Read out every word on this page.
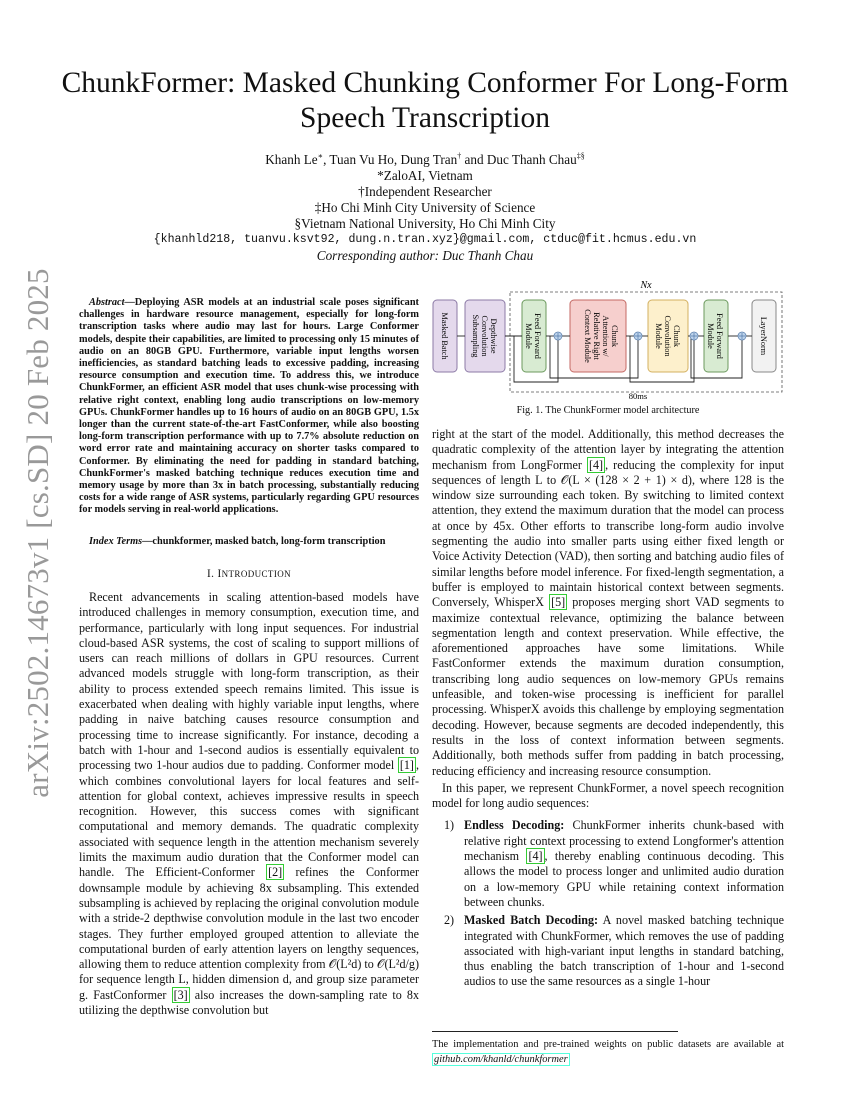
arXiv:2502.14673v1 [cs.SD] 20 Feb 2025
ChunkFormer: Masked Chunking Conformer For Long-Form Speech Transcription
Khanh Le∗, Tuan Vu Ho, Dung Tran† and Duc Thanh Chau‡§
*ZaloAI, Vietnam
†Independent Researcher
‡Ho Chi Minh City University of Science
§Vietnam National University, Ho Chi Minh City
{khanhld218, tuanvu.ksvt92, dung.n.tran.xyz}@gmail.com, ctduc@fit.hcmus.edu.vn
Corresponding author: Duc Thanh Chau

Abstract—Deploying ASR models at an industrial scale poses significant challenges in hardware resource management, especially for long-form transcription tasks where audio may last for hours. Large Conformer models, despite their capabilities, are limited to processing only 15 minutes of audio on an 80GB GPU. Furthermore, variable input lengths worsen inefficiencies, as standard batching leads to excessive padding, increasing resource consumption and execution time. To address this, we introduce ChunkFormer, an efficient ASR model that uses chunk-wise processing with relative right context, enabling long audio transcriptions on low-memory GPUs. ChunkFormer handles up to 16 hours of audio on an 80GB GPU, 1.5x longer than the current state-of-the-art FastConformer, while also boosting long-form transcription performance with up to 7.7% absolute reduction on word error rate and maintaining accuracy on shorter tasks compared to Conformer. By eliminating the need for padding in standard batching, ChunkFormer's masked batching technique reduces execution time and memory usage by more than 3x in batch processing, substantially reducing costs for a wide range of ASR systems, particularly regarding GPU resources for models serving in real-world applications.

Index Terms—chunkformer, masked batch, long-form transcription
I. INTRODUCTION

Recent advancements in scaling attention-based models have introduced challenges in memory consumption, execution time, and performance, particularly with long input sequences. For industrial cloud-based ASR systems, the cost of scaling to support millions of users can reach millions of dollars in GPU resources. Current advanced models struggle with long-form transcription, as their ability to process extended speech remains limited. This issue is exacerbated when dealing with highly variable input lengths, where padding in naive batching causes resource consumption and processing time to increase significantly. For instance, decoding a batch with 1-hour and 1-second audios is essentially equivalent to processing two 1-hour audios due to padding. Conformer model [1] , which combines convolutional layers for local features and self-attention for global context, achieves impressive results in speech recognition. However, this success comes with significant computational and memory demands. The quadratic complexity associated with sequence length in the attention mechanism severely limits the maximum audio duration that the Conformer model can handle. The Efficient-Conformer [2] refines the Conformer downsample module by achieving 8x subsampling. This extended subsampling is achieved by replacing the original convolution module with a stride-2 depthwise convolution module in the last two encoder stages. They further employed grouped attention to alleviate the computational burden of early attention layers on lengthy sequences, allowing them to reduce attention complexity from 𝒪(L²d) to 𝒪(L²d/g) for sequence length L, hidden dimension d, and group size parameter g. FastConformer [3] also increases the down-sampling rate to 8x utilizing the depthwise convolution but

Nx
Masked Batch	DepthwiseConvolutionSubsampling	Feed ForwardModule	ChunkAttention w/Relative RightContext Module	ChunkConvolutionModule	Feed ForwardModule	LayerNorm
80ms
Fig. 1. The ChunkFormer model architecture

right at the start of the model. Additionally, this method decreases the quadratic complexity of the attention layer by integrating the attention mechanism from LongFormer [4] , reducing the complexity for input sequences of length L to 𝒪(L × (128 × 2 + 1) × d), where 128 is the window size surrounding each token. By switching to limited context attention, they extend the maximum duration that the model can process at once by 45x. Other efforts to transcribe long-form audio involve segmenting the audio into smaller parts using either fixed length or Voice Activity Detection (VAD), then sorting and batching audio files of similar lengths before model inference. For fixed-length segmentation, a buffer is employed to maintain historical context between segments. Conversely, WhisperX [5] proposes merging short VAD segments to maximize contextual relevance, optimizing the balance between segmentation length and context preservation. While effective, the aforementioned approaches have some limitations. While FastConformer extends the maximum duration consumption, transcribing long audio sequences on low-memory GPUs remains unfeasible, and token-wise processing is inefficient for parallel processing. WhisperX avoids this challenge by employing segmentation decoding. However, because segments are decoded independently, this results in the loss of context information between segments. Additionally, both methods suffer from padding in batch processing, reducing efficiency and increasing resource consumption.

In this paper, we represent ChunkFormer, a novel speech recognition model for long audio sequences:

1) Endless Decoding: ChunkFormer inherits chunk-based with relative right context processing to extend Longformer's attention mechanism [4] , thereby enabling continuous decoding. This allows the model to process longer and unlimited audio duration on a low-memory GPU while retaining context information between chunks.
2) Masked Batch Decoding: A novel masked batching technique integrated with ChunkFormer, which removes the use of padding associated with high-variant input lengths in standard batching, thus enabling the batch transcription of 1-hour and 1-second audios to use the same resources as a single 1-hour
The implementation and pre-trained weights on public datasets are available at github.com/khanld/chunkformer
